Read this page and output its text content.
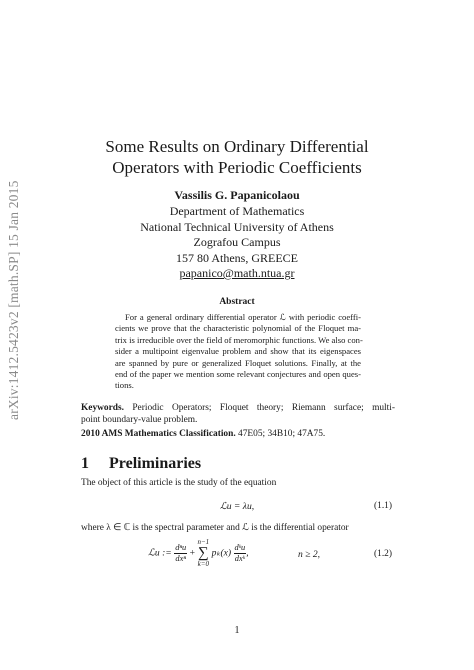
arXiv:1412.5423v2 [math.SP] 15 Jan 2015
Some Results on Ordinary Differential
Operators with Periodic Coefficients
Vassilis G. Papanicolaou
Department of Mathematics
National Technical University of Athens
Zografou Campus
157 80 Athens, GREECE
papanico@math.ntua.gr
Abstract
For a general ordinary differential operator ℒ with periodic coeffi-
cients we prove that the characteristic polynomial of the Floquet ma-
trix is irreducible over the field of meromorphic functions. We also con-
sider a multipoint eigenvalue problem and show that its eigenspaces
are spanned by pure or generalized Floquet solutions. Finally, at the
end of the paper we mention some relevant conjectures and open ques-
tions.
Keywords. Periodic Operators; Floquet theory; Riemann surface; multi-
point boundary-value problem.
2010 AMS Mathematics Classification. 47E05; 34B10; 47A75.
1 Preliminaries
The object of this article is the study of the equation
ℒu = λu,	(1.1)
where λ ∈ ℂ is the spectral parameter and ℒ is the differential operator
ℒu := $\frac{\text{dⁿu}}{\text{dxⁿ}}$ +
n−1
∑
k=0
$p_k(x) \frac{\text{dᵏu}}{\text{dxᵏ}}$ ,	n ≥ 2,	(1.2)
1
